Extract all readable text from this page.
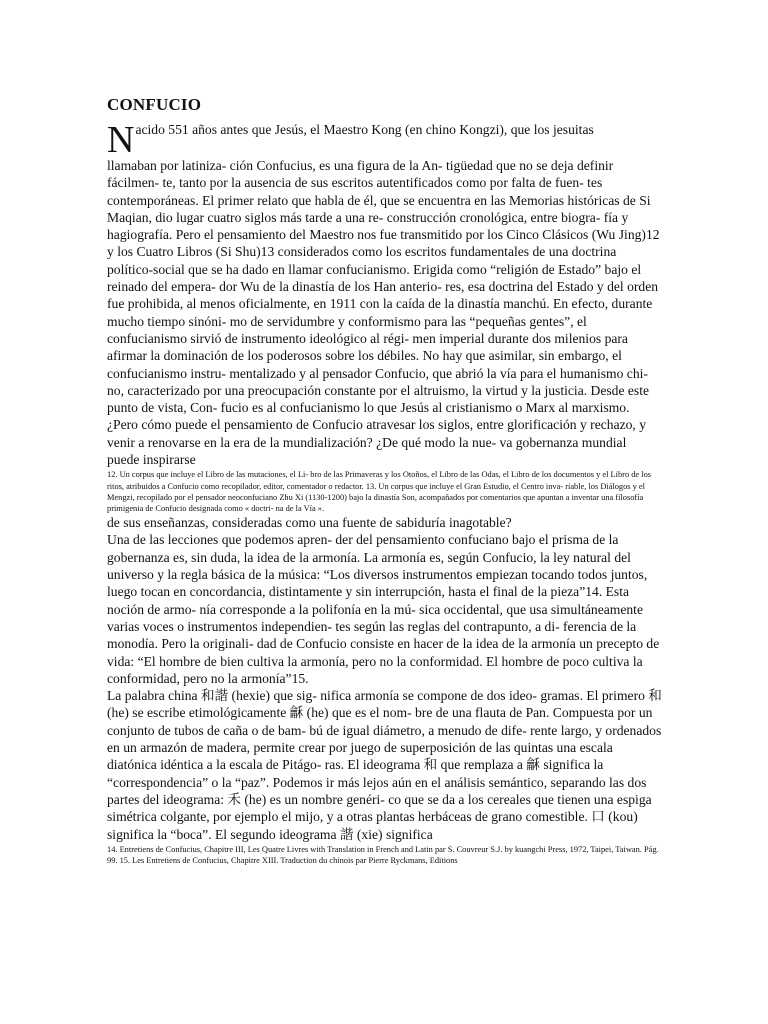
CONFUCIO

N acido 551 años antes que Jesús, el Maestro Kong (en chino Kongzi), que los jesuitas

llamaban por latiniza- ción Confucius, es una figura de la An- tigüedad que no se deja definir fácilmen- te, tanto por la ausencia de sus escritos autentificados como por falta de fuen- tes contemporáneas. El primer relato que habla de él, que se encuentra en las Memorias históricas de Si Maqian, dio lugar cuatro siglos más tarde a una re- construcción cronológica, entre biogra- fía y hagiografía. Pero el pensamiento del Maestro nos fue transmitido por los Cinco Clásicos (Wu Jing)12 y los Cuatro Libros (Si Shu)13 considerados como los escritos fundamentales de una doctrina político-social que se ha dado en llamar confucianismo. Erigida como “religión de Estado” bajo el reinado del empera- dor Wu de la dinastía de los Han anterio- res, esa doctrina del Estado y del orden fue prohibida, al menos oficialmente, en 1911 con la caída de la dinastía manchú. En efecto, durante mucho tiempo sinóni- mo de servidumbre y conformismo para las “pequeñas gentes”, el confucianismo sirvió de instrumento ideológico al régi- men imperial durante dos milenios para afirmar la dominación de los poderosos sobre los débiles. No hay que asimilar, sin embargo, el confucianismo instru- mentalizado y al pensador Confucio, que abrió la vía para el humanismo chi- no, caracterizado por una preocupación constante por el altruismo, la virtud y la justicia. Desde este punto de vista, Con- fucio es al confucianismo lo que Jesús al cristianismo o Marx al marxismo. ¿Pero cómo puede el pensamiento de Confucio atravesar los siglos, entre glorificación y rechazo, y venir a renovarse en la era de la mundialización? ¿De qué modo la nue- va gobernanza mundial puede inspirarse

12. Un corpus que incluye el Libro de las mutaciones, el Li- bro de las Primaveras y los Otoños, el Libro de las Odas, el Libro de los documentos y el Libro de los ritos, atribuidos a Confucio como recopilador, editor, comentador o redactor. 13. Un corpus que incluye el Gran Estudio, el Centro inva- riable, los Diálogos y el Mengzi, recopilado por el pensador neoconfuciano Zhu Xi (1130-1200) bajo la dinastía Son, acompañados por comentarios que apuntan a inventar una filosofía primigenia de Confucio designada como « doctri- na de la Vía ».

de sus enseñanzas, consideradas como una fuente de sabiduría inagotable?

Una de las lecciones que podemos apren- der del pensamiento confuciano bajo el prisma de la gobernanza es, sin duda, la idea de la armonía. La armonía es, según Confucio, la ley natural del universo y la regla básica de la música: “Los diversos instrumentos empiezan tocando todos juntos, luego tocan en concordancia, distintamente y sin interrupción, hasta el final de la pieza”14. Esta noción de armo- nía corresponde a la polifonía en la mú- sica occidental, que usa simultáneamente varias voces o instrumentos independien- tes según las reglas del contrapunto, a di- ferencia de la monodía. Pero la originali- dad de Confucio consiste en hacer de la idea de la armonía un precepto de vida: “El hombre de bien cultiva la armonía, pero no la conformidad. El hombre de poco cultiva la conformidad, pero no la armonía”15.

La palabra china 和諧 (hexie) que sig- nifica armonía se compone de dos ideo- gramas. El primero 和 (he) se escribe etimológicamente 龢 (he) que es el nom- bre de una flauta de Pan. Compuesta por un conjunto de tubos de caña o de bam- bú de igual diámetro, a menudo de dife- rente largo, y ordenados en un armazón de madera, permite crear por juego de superposición de las quintas una escala diatónica idéntica a la escala de Pitágo- ras. El ideograma 和 que remplaza a 龢 significa la “correspondencia” o la “paz”. Podemos ir más lejos aún en el análisis semántico, separando las dos partes del ideograma: 禾 (he) es un nombre genéri- co que se da a los cereales que tienen una espiga simétrica colgante, por ejemplo el mijo, y a otras plantas herbáceas de grano comestible. 口 (kou) significa la “boca”. El segundo ideograma 諧 (xie) significa

14. Entretiens de Confucius, Chapitre III, Les Quatre Livres with Translation in French and Latin par S. Couvreur S.J. by kuangchi Press, 1972, Taipei, Taiwan. Pág. 99. 15. Les Entretiens de Confucius, Chapitre XIII. Traduction du chinois par Pierre Ryckmans, Editions
